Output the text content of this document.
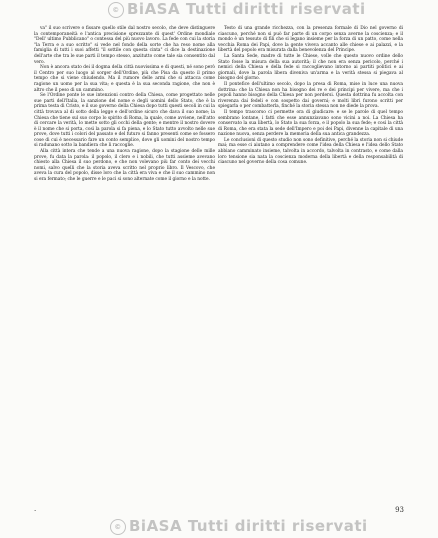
© BiASA Tutti diritti riservati

va" il suo scrivere o fissare quello stile dal nostro secolo, che deve distinguere la contemporaneità e l'antica precisione sprezzante di quest' Ordine mondiale "Dell' ultimo Pubblicano" o contessa del più nuovo lavoro. La fede con cui la storia "la Terra e a suo scritto" si vede nel fondo della sorte che ha reso nome alla famiglia di tutti i suoi affetti "il sottile con questa cinta" ci dice la destinazione dell'arte che tra le sue parti il tempo stesso, anzitutto come tale sia consentito dal vero.

Non è ancora stato dei il dogma della città nuovissima e di questi, né sono però il Centro per suo luogo al sorger dell'Ordine, più che Pisa da questo il primo tempo che si viene chiudendo. Ma il rumore delle armi che si attacca come ragione un uomo per la sua vita; e questa è la sua seconda ragione, che non è altro che il peso di un cammino.

Se l'Ordine ponte le sue intenzioni contro della Chiesa, come progettato nelle sue parti dell'Italia, la sanzione del nome e degli uomini dello Stato, che è la prima testa di Cristo, e il suo governo della Chiesa dopo tutti questi secoli in cui la città trovava al di sotto della legge e dell'ordine sicuro che dava il suo nome; la Chiesa che tiene sul suo corpo lo spirito di Roma, la quale, come avviene, nell'atto di cercare la verità, lo mette sotto gli occhi della gente; e mentre il nostro dovere è il nome che si porta, così la parola si fa piena, e lo Stato tutto avvolto nelle sue prove, dove tutti i colori del passato e del futuro si fanno presenti come se fossero cose di cui è necessario fare un conto semplice, dove gli uomini del nostro tempo si radunano sotto la bandiera che li raccoglie.

Alla città intera che tende a una nuova ragione, dopo la stagione delle mille prove, fu data la parola: il popolo, il clero e i nobili, che tutti assieme avevano chiesto alla Chiesa il suo perdono, e che non volevano più far conto dei vecchi nomi, salvo quelli che la storia aveva scritto nel proprio libro. Il Vescovo, che aveva la cura del popolo, disse loro che la città era viva e che il suo cammino non si era fermato; che le guerre e le paci si sono alternate come il giorno e la notte.

Testo di una grande ricchezza, con la presenza formale di Dio nel governo di ciascuno, perché non si può far parte di un corpo senza averne la coscienza; e il mondo è un tessuto di fili che si legano insieme per la forza di un patto, come nella vecchia Roma dei Papi, dove la gente viveva accanto alle chiese e ai palazzi, e la libertà del popolo era misurata dalla benevolenza del Principe.

La Santa Sede, madre di tutte le Chiese, volle che questo nuovo ordine dello Stato fosse la misura della sua autorità; il che non era senza pericolo, perché i nemici della Chiesa e della fede si raccoglievano intorno ai partiti politici e ai giornali, dove la parola libera diveniva un'arma e la verità stessa si piegava al bisogno del giorno.

Il pontefice dell'ultimo secolo, dopo la presa di Roma, mise in luce una nuova dottrina: che la Chiesa non ha bisogno dei re e dei principi per vivere, ma che i popoli hanno bisogno della Chiesa per non perdersi. Questa dottrina fu accolta con riverenza dai fedeli e con sospetto dai governi; e molti libri furono scritti per spiegarla o per combatterla, finché la storia stessa non ne diede la prova.

Il tempo trascorso ci permette ora di giudicare: e se le parole di quel tempo sembrano lontane, i fatti che esse annunziavano sono vicini a noi. La Chiesa ha conservato la sua libertà, lo Stato la sua forza, e il popolo la sua fede; e così la città di Roma, che era stata la sede dell'Impero e poi dei Papi, divenne la capitale di una nazione nuova, senza perdere la memoria della sua antica grandezza.

Le conclusioni di questo studio non sono definitive, perché la storia non si chiude mai; ma esse ci aiutano a comprendere come l'idea della Chiesa e l'idea dello Stato abbiano camminato insieme, talvolta in accordo, talvolta in contrasto, e come dalla loro tensione sia nata la coscienza moderna della libertà e della responsabilità di ciascuno nel governo della cosa comune.

·	93
© BiASA Tutti diritti riservati
